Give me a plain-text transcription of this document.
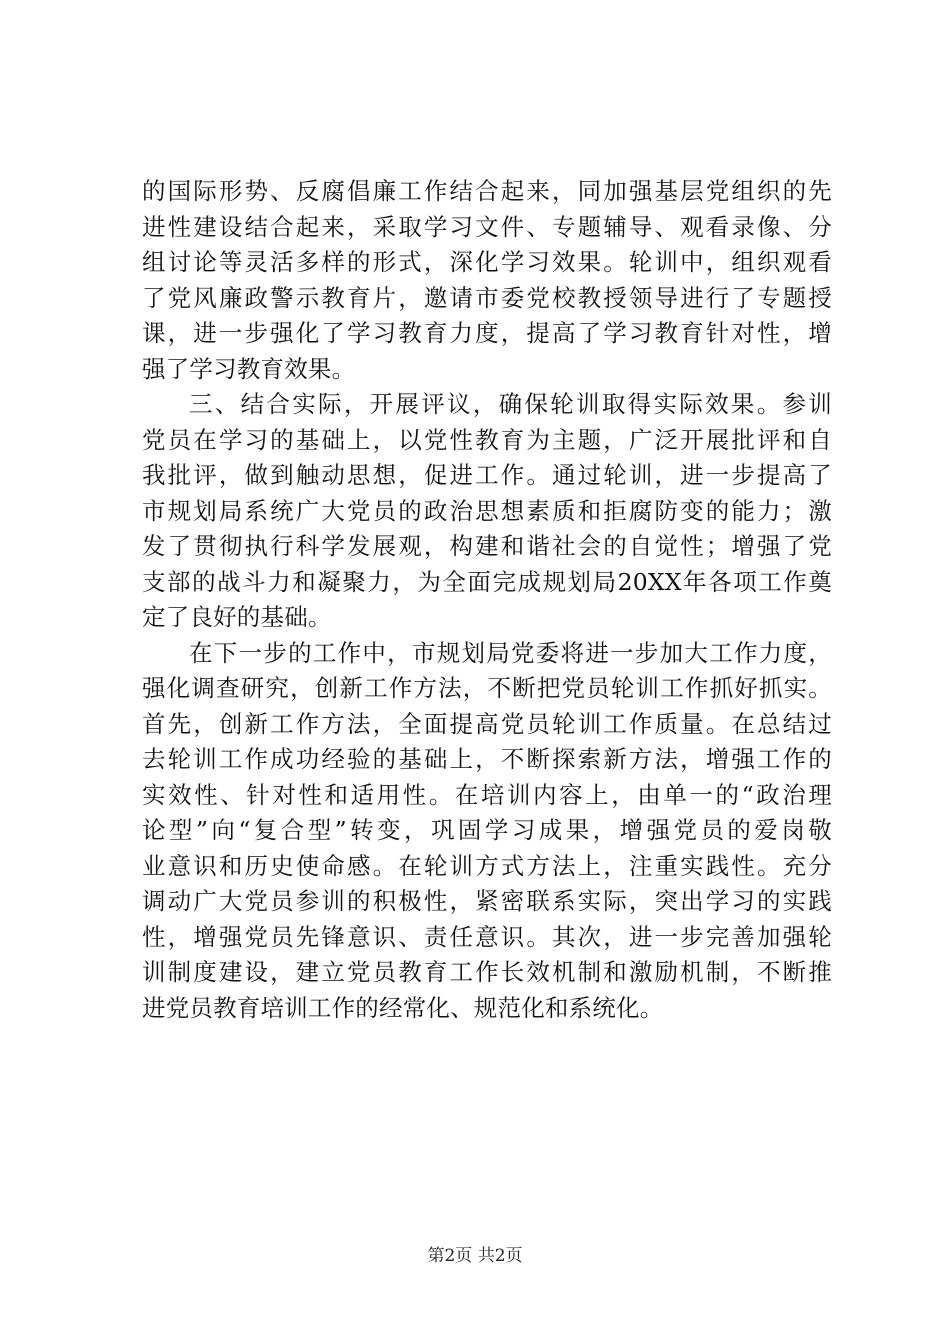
的国际形势、反腐倡廉工作结合起来，同加强基层党组织的先
进性建设结合起来，采取学习文件、专题辅导、观看录像、分
组讨论等灵活多样的形式，深化学习效果。轮训中，组织观看
了党风廉政警示教育片，邀请市委党校教授领导进行了专题授
课，进一步强化了学习教育力度，提高了学习教育针对性，增
强了学习教育效果。
三、结合实际，开展评议，确保轮训取得实际效果。参训
党员在学习的基础上，以党性教育为主题，广泛开展批评和自
我批评，做到触动思想，促进工作。通过轮训，进一步提高了
市规划局系统广大党员的政治思想素质和拒腐防变的能力；激
发了贯彻执行科学发展观，构建和谐社会的自觉性；增强了党
支部的战斗力和凝聚力，为全面完成规划局20XX年各项工作奠
定了良好的基础。
在下一步的工作中，市规划局党委将进一步加大工作力度，
强化调查研究，创新工作方法，不断把党员轮训工作抓好抓实。
首先，创新工作方法，全面提高党员轮训工作质量。在总结过
去轮训工作成功经验的基础上，不断探索新方法，增强工作的
实效性、针对性和适用性。在培训内容上，由单一的“政治理
论型”向“复合型”转变，巩固学习成果，增强党员的爱岗敬
业意识和历史使命感。在轮训方式方法上，注重实践性。充分
调动广大党员参训的积极性，紧密联系实际，突出学习的实践
性，增强党员先锋意识、责任意识。其次，进一步完善加强轮
训制度建设，建立党员教育工作长效机制和激励机制，不断推
进党员教育培训工作的经常化、规范化和系统化。
第2页 共2页
